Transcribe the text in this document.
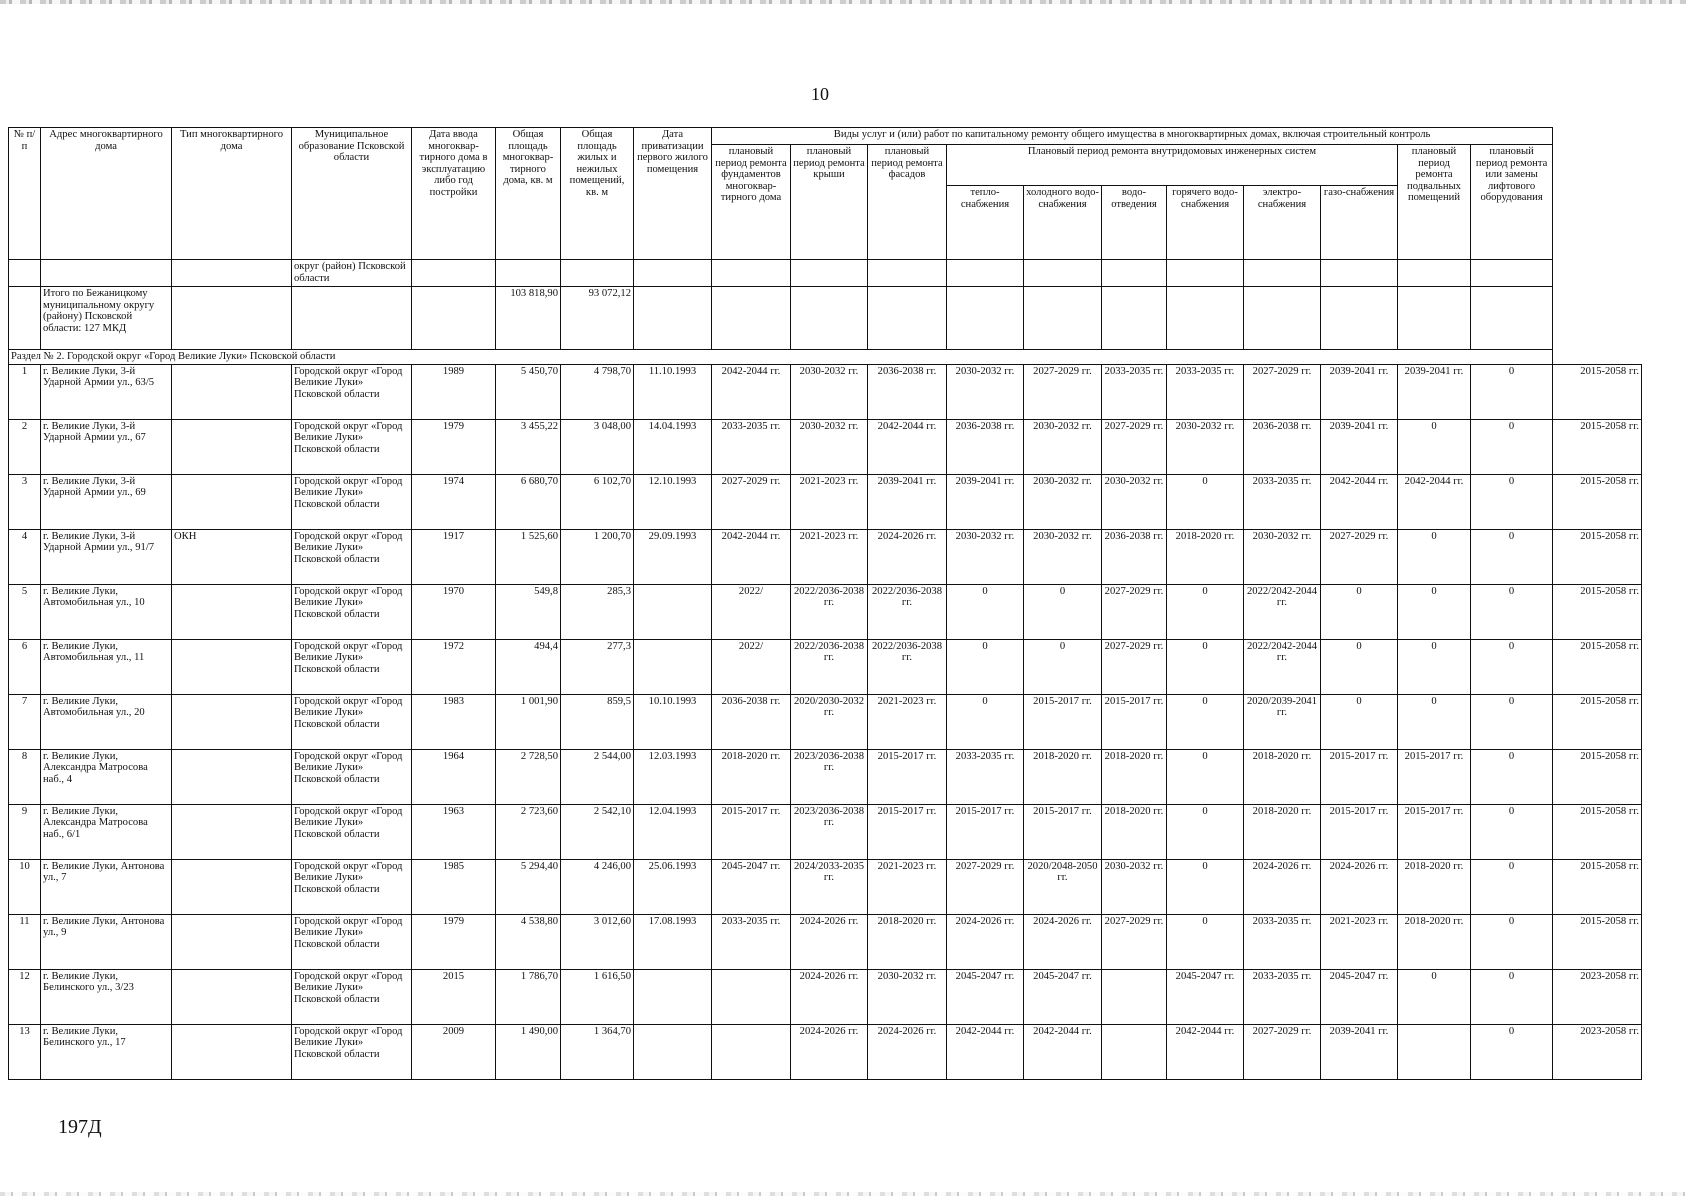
10
№ п/п	Адрес многоквартирного дома	Тип многоквартирного дома	Муниципальное образование Псковской области	Дата ввода многоквар-тирного дома в эксплуатацию либо год постройки	Общая площадь многоквар-тирного дома, кв. м	Общая площадь жилых и нежилых помещений, кв. м	Дата приватизации первого жилого помещения	Виды услуг и (или) работ по капитальному ремонту общего имущества в многоквартирных домах, включая строительный контроль											
								плановый период ремонта фундаментов многоквар-тирного дома	плановый период ремонта крыши	плановый период ремонта фасадов	Плановый период ремонта внутридомовых инженерных систем						плановый период ремонта подвальных помещений	плановый период ремонта или замены лифтового оборудования	
											тепло-снабжения	холодного водо-снабжения	водо-отведения	горячего водо-снабжения	электро-снабжения	газо-снабжения			
			округ (район) Псковской области																
	Итого по Бежаницкому муниципальному округу (району) Псковской области: 127 МКД				103 818,90	93 072,12													
Раздел № 2. Городской округ «Город Великие Луки» Псковской области																			
1	г. Великие Луки, 3-й Ударной Армии ул., 63/5		Городской округ «Город Великие Луки» Псковской области	1989	5 450,70	4 798,70	11.10.1993	2042-2044 гг.	2030-2032 гг.	2036-2038 гг.	2030-2032 гг.	2027-2029 гг.	2033-2035 гг.	2033-2035 гг.	2027-2029 гг.	2039-2041 гг.	2039-2041 гг.	0	2015-2058 гг.
2	г. Великие Луки, 3-й Ударной Армии ул., 67		Городской округ «Город Великие Луки» Псковской области	1979	3 455,22	3 048,00	14.04.1993	2033-2035 гг.	2030-2032 гг.	2042-2044 гг.	2036-2038 гг.	2030-2032 гг.	2027-2029 гг.	2030-2032 гг.	2036-2038 гг.	2039-2041 гг.	0	0	2015-2058 гг.
3	г. Великие Луки, 3-й Ударной Армии ул., 69		Городской округ «Город Великие Луки» Псковской области	1974	6 680,70	6 102,70	12.10.1993	2027-2029 гг.	2021-2023 гг.	2039-2041 гг.	2039-2041 гг.	2030-2032 гг.	2030-2032 гг.	0	2033-2035 гг.	2042-2044 гг.	2042-2044 гг.	0	2015-2058 гг.
4	г. Великие Луки, 3-й Ударной Армии ул., 91/7	ОКН	Городской округ «Город Великие Луки» Псковской области	1917	1 525,60	1 200,70	29.09.1993	2042-2044 гг.	2021-2023 гг.	2024-2026 гг.	2030-2032 гг.	2030-2032 гг.	2036-2038 гг.	2018-2020 гг.	2030-2032 гг.	2027-2029 гг.	0	0	2015-2058 гг.
5	г. Великие Луки, Автомобильная ул., 10		Городской округ «Город Великие Луки» Псковской области	1970	549,8	285,3		2022/	2022/2036-2038 гг.	2022/2036-2038 гг.	0	0	2027-2029 гг.	0	2022/2042-2044 гг.	0	0	0	2015-2058 гг.
6	г. Великие Луки, Автомобильная ул., 11		Городской округ «Город Великие Луки» Псковской области	1972	494,4	277,3		2022/	2022/2036-2038 гг.	2022/2036-2038 гг.	0	0	2027-2029 гг.	0	2022/2042-2044 гг.	0	0	0	2015-2058 гг.
7	г. Великие Луки, Автомобильная ул., 20		Городской округ «Город Великие Луки» Псковской области	1983	1 001,90	859,5	10.10.1993	2036-2038 гг.	2020/2030-2032 гг.	2021-2023 гг.	0	2015-2017 гг.	2015-2017 гг.	0	2020/2039-2041 гг.	0	0	0	2015-2058 гг.
8	г. Великие Луки, Александра Матросова наб., 4		Городской округ «Город Великие Луки» Псковской области	1964	2 728,50	2 544,00	12.03.1993	2018-2020 гг.	2023/2036-2038 гг.	2015-2017 гг.	2033-2035 гг.	2018-2020 гг.	2018-2020 гг.	0	2018-2020 гг.	2015-2017 гг.	2015-2017 гг.	0	2015-2058 гг.
9	г. Великие Луки, Александра Матросова наб., 6/1		Городской округ «Город Великие Луки» Псковской области	1963	2 723,60	2 542,10	12.04.1993	2015-2017 гг.	2023/2036-2038 гг.	2015-2017 гг.	2015-2017 гг.	2015-2017 гг.	2018-2020 гг.	0	2018-2020 гг.	2015-2017 гг.	2015-2017 гг.	0	2015-2058 гг.
10	г. Великие Луки, Антонова ул., 7		Городской округ «Город Великие Луки» Псковской области	1985	5 294,40	4 246,00	25.06.1993	2045-2047 гг.	2024/2033-2035 гг.	2021-2023 гг.	2027-2029 гг.	2020/2048-2050 гг.	2030-2032 гг.	0	2024-2026 гг.	2024-2026 гг.	2018-2020 гг.	0	2015-2058 гг.
11	г. Великие Луки, Антонова ул., 9		Городской округ «Город Великие Луки» Псковской области	1979	4 538,80	3 012,60	17.08.1993	2033-2035 гг.	2024-2026 гг.	2018-2020 гг.	2024-2026 гг.	2024-2026 гг.	2027-2029 гг.	0	2033-2035 гг.	2021-2023 гг.	2018-2020 гг.	0	2015-2058 гг.
12	г. Великие Луки, Белинского ул., 3/23		Городской округ «Город Великие Луки» Псковской области	2015	1 786,70	1 616,50			2024-2026 гг.	2030-2032 гг.	2045-2047 гг.	2045-2047 гг.		2045-2047 гг.	2033-2035 гг.	2045-2047 гг.	0	0	2023-2058 гг.
13	г. Великие Луки, Белинского ул., 17		Городской округ «Город Великие Луки» Псковской области	2009	1 490,00	1 364,70			2024-2026 гг.	2024-2026 гг.	2042-2044 гг.	2042-2044 гг.		2042-2044 гг.	2027-2029 гг.	2039-2041 гг.		0	2023-2058 гг.
197Д
